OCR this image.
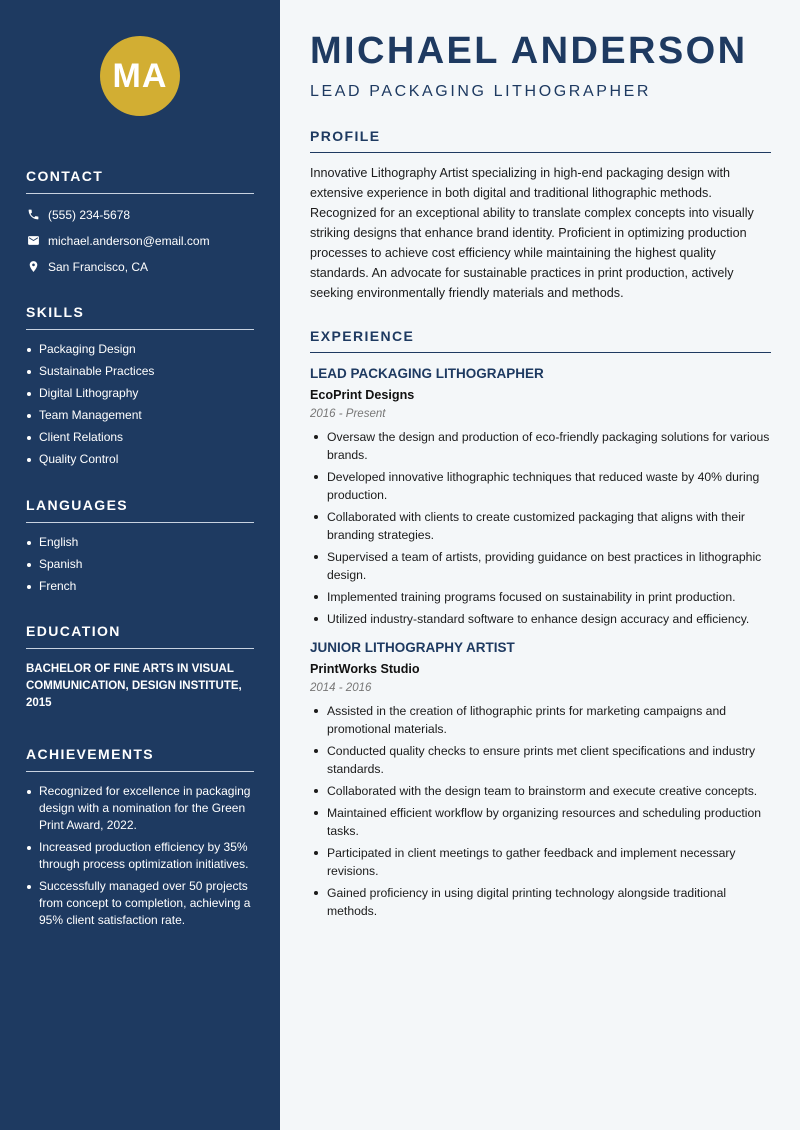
MA
CONTACT
(555) 234-5678
michael.anderson@email.com
San Francisco, CA
SKILLS
Packaging Design
Sustainable Practices
Digital Lithography
Team Management
Client Relations
Quality Control
LANGUAGES
English
Spanish
French
EDUCATION
BACHELOR OF FINE ARTS IN VISUAL COMMUNICATION, DESIGN INSTITUTE, 2015
ACHIEVEMENTS
Recognized for excellence in packaging design with a nomination for the Green Print Award, 2022.
Increased production efficiency by 35% through process optimization initiatives.
Successfully managed over 50 projects from concept to completion, achieving a 95% client satisfaction rate.
MICHAEL ANDERSON
LEAD PACKAGING LITHOGRAPHER
PROFILE

Innovative Lithography Artist specializing in high-end packaging design with extensive experience in both digital and traditional lithographic methods. Recognized for an exceptional ability to translate complex concepts into visually striking designs that enhance brand identity. Proficient in optimizing production processes to achieve cost efficiency while maintaining the highest quality standards. An advocate for sustainable practices in print production, actively seeking environmentally friendly materials and methods.

EXPERIENCE
LEAD PACKAGING LITHOGRAPHER
EcoPrint Designs
2016 - Present
Oversaw the design and production of eco-friendly packaging solutions for various brands.
Developed innovative lithographic techniques that reduced waste by 40% during production.
Collaborated with clients to create customized packaging that aligns with their branding strategies.
Supervised a team of artists, providing guidance on best practices in lithographic design.
Implemented training programs focused on sustainability in print production.
Utilized industry-standard software to enhance design accuracy and efficiency.
JUNIOR LITHOGRAPHY ARTIST
PrintWorks Studio
2014 - 2016
Assisted in the creation of lithographic prints for marketing campaigns and promotional materials.
Conducted quality checks to ensure prints met client specifications and industry standards.
Collaborated with the design team to brainstorm and execute creative concepts.
Maintained efficient workflow by organizing resources and scheduling production tasks.
Participated in client meetings to gather feedback and implement necessary revisions.
Gained proficiency in using digital printing technology alongside traditional methods.
